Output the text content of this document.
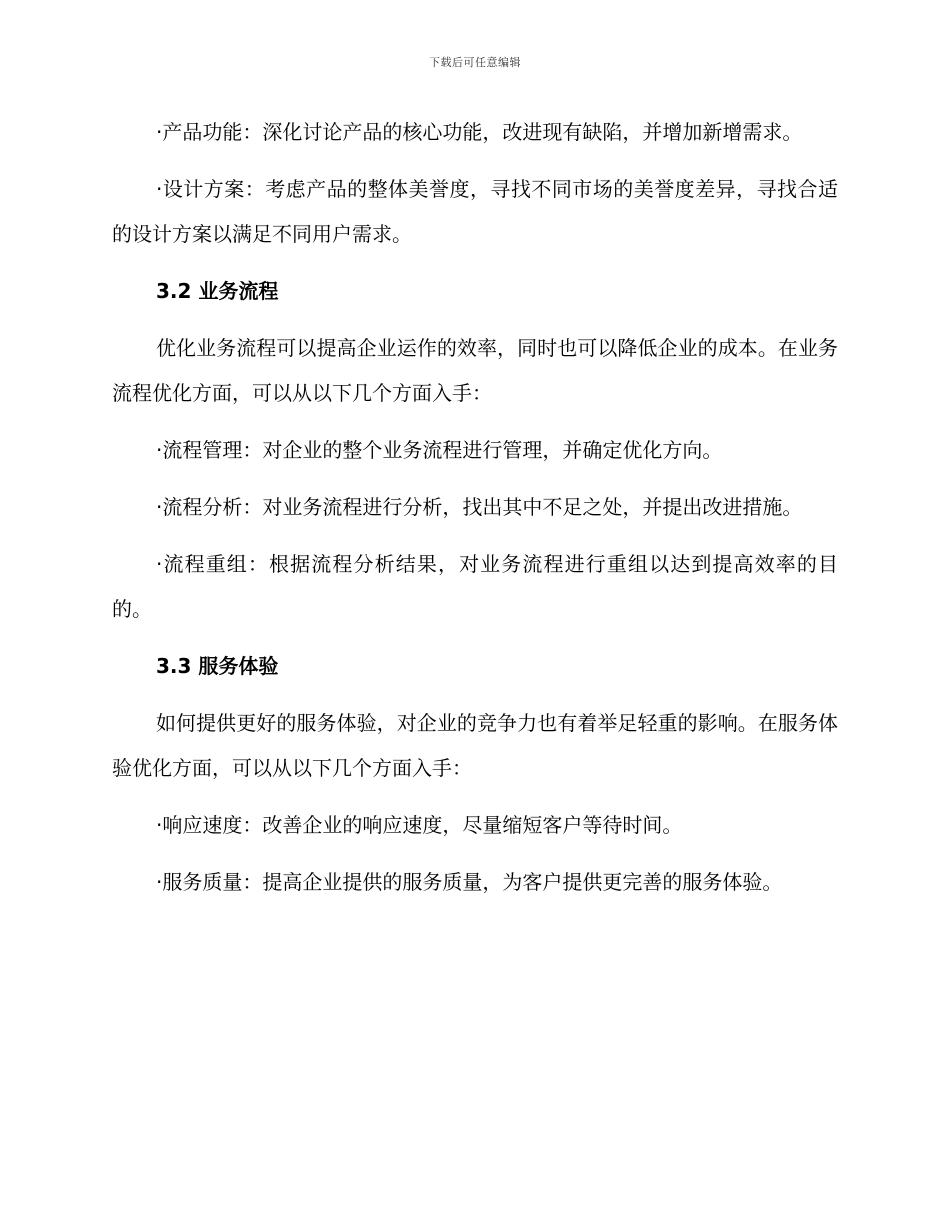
下载后可任意编辑

·产品功能：深化讨论产品的核心功能，改进现有缺陷，并增加新增需求。

·设计方案：考虑产品的整体美誉度，寻找不同市场的美誉度差异，寻找合适的设计方案以满足不同用户需求。

3.2 业务流程

优化业务流程可以提高企业运作的效率，同时也可以降低企业的成本。在业务流程优化方面，可以从以下几个方面入手：

·流程管理：对企业的整个业务流程进行管理，并确定优化方向。

·流程分析：对业务流程进行分析，找出其中不足之处，并提出改进措施。

·流程重组：根据流程分析结果，对业务流程进行重组以达到提高效率的目的。

3.3 服务体验

如何提供更好的服务体验，对企业的竞争力也有着举足轻重的影响。在服务体验优化方面，可以从以下几个方面入手：

·响应速度：改善企业的响应速度，尽量缩短客户等待时间。

·服务质量：提高企业提供的服务质量，为客户提供更完善的服务体验。
